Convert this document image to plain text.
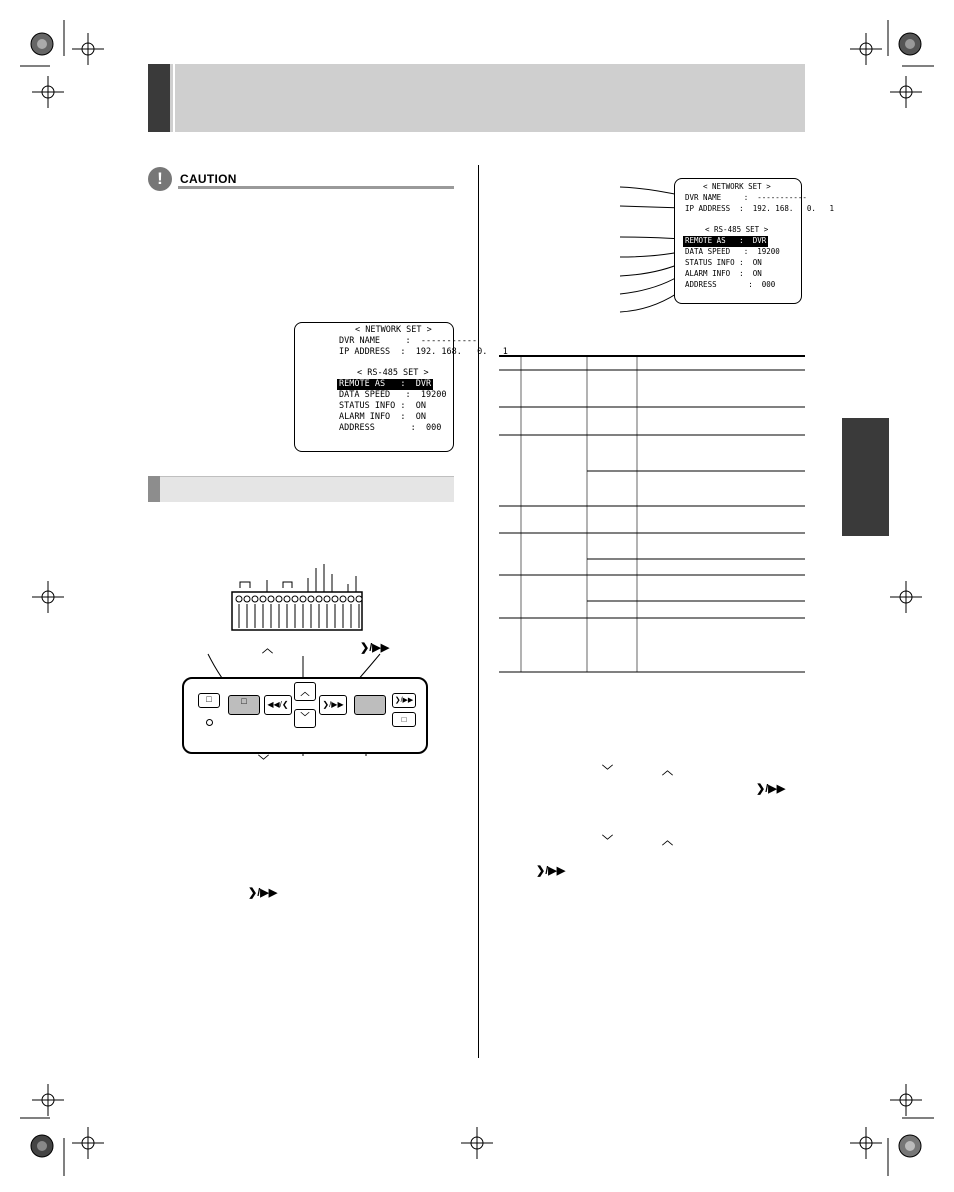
!	CAUTION
< NETWORK SET >
DVR NAME     :  -----------
IP ADDRESS  :  192. 168.   0.   1
< RS-485 SET >
REMOTE AS   :  DVR
DATA SPEED   :  19200
STATUS INFO :  ON
ALARM INFO  :  ON
ADDRESS       :  000
︿	❯/▶▶
﹀
□	□	◀◀/❮
︿
﹀
❯/▶▶	❯/▶▶
□
< NETWORK SET >
DVR NAME     :  -----------
IP ADDRESS  :  192. 168.   0.   1
< RS-485 SET >
REMOTE AS   :  DVR
DATA SPEED   :  19200
STATUS INFO :  ON
ALARM INFO  :  ON
ADDRESS       :  000
﹀	︿
❯/▶▶
﹀	︿
❯/▶▶
❯/▶▶
